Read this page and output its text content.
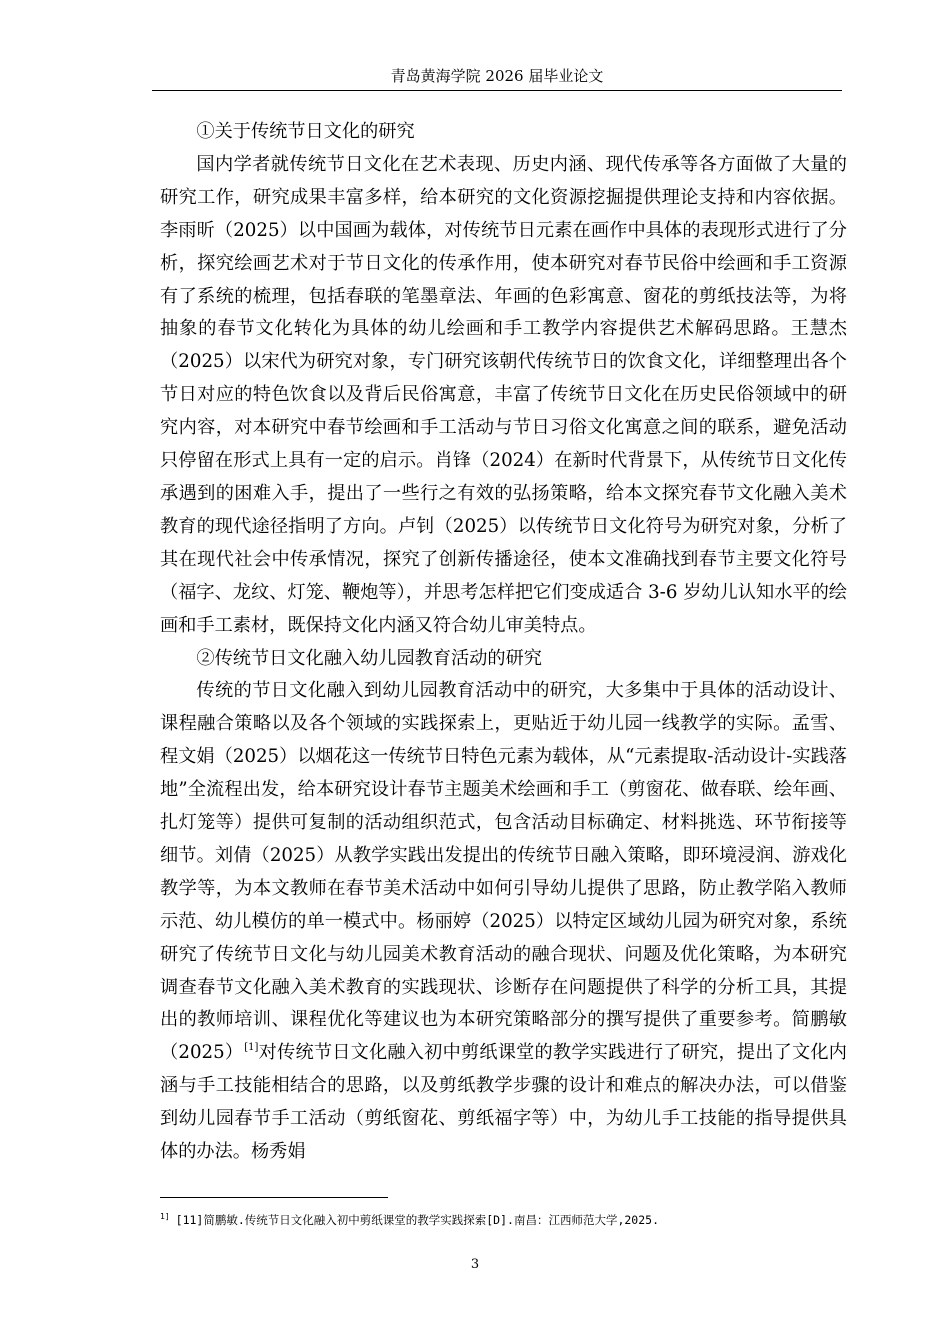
青岛黄海学院 2026 届毕业论文

①关于传统节日文化的研究

国内学者就传统节日文化在艺术表现、历史内涵、现代传承等各方面做了大量的研究工作，研究成果丰富多样，给本研究的文化资源挖掘提供理论支持和内容依据。李雨昕（2025）以中国画为载体，对传统节日元素在画作中具体的表现形式进行了分析，探究绘画艺术对于节日文化的传承作用，使本研究对春节民俗中绘画和手工资源有了系统的梳理，包括春联的笔墨章法、年画的色彩寓意、窗花的剪纸技法等，为将抽象的春节文化转化为具体的幼儿绘画和手工教学内容提供艺术解码思路。王慧杰（2025）以宋代为研究对象，专门研究该朝代传统节日的饮食文化，详细整理出各个节日对应的特色饮食以及背后民俗寓意，丰富了传统节日文化在历史民俗领域中的研究内容，对本研究中春节绘画和手工活动与节日习俗文化寓意之间的联系，避免活动只停留在形式上具有一定的启示。肖锋（2024）在新时代背景下，从传统节日文化传承遇到的困难入手，提出了一些行之有效的弘扬策略，给本文探究春节文化融入美术教育的现代途径指明了方向。卢钊（2025）以传统节日文化符号为研究对象，分析了其在现代社会中传承情况，探究了创新传播途径，使本文准确找到春节主要文化符号（福字、龙纹、灯笼、鞭炮等），并思考怎样把它们变成适合 3-6 岁幼儿认知水平的绘画和手工素材，既保持文化内涵又符合幼儿审美特点。

②传统节日文化融入幼儿园教育活动的研究

传统的节日文化融入到幼儿园教育活动中的研究，大多集中于具体的活动设计、课程融合策略以及各个领域的实践探索上，更贴近于幼儿园一线教学的实际。孟雪、程文娟（2025）以烟花这一传统节日特色元素为载体，从“元素提取-活动设计-实践落地”全流程出发，给本研究设计春节主题美术绘画和手工（剪窗花、做春联、绘年画、扎灯笼等）提供可复制的活动组织范式，包含活动目标确定、材料挑选、环节衔接等细节。刘倩（2025）从教学实践出发提出的传统节日融入策略，即环境浸润、游戏化教学等，为本文教师在春节美术活动中如何引导幼儿提供了思路，防止教学陷入教师示范、幼儿模仿的单一模式中。杨丽婷（2025）以特定区域幼儿园为研究对象，系统研究了传统节日文化与幼儿园美术教育活动的融合现状、问题及优化策略，为本研究调查春节文化融入美术教育的实践现状、诊断存在问题提供了科学的分析工具，其提出的教师培训、课程优化等建议也为本研究策略部分的撰写提供了重要参考。简鹏敏（2025）[1]对传统节日文化融入初中剪纸课堂的教学实践进行了研究，提出了文化内涵与手工技能相结合的思路，以及剪纸教学步骤的设计和难点的解决办法，可以借鉴到幼儿园春节手工活动（剪纸窗花、剪纸福字等）中，为幼儿手工技能的指导提供具体的办法。杨秀娟

$^{1]}$ [11]简鹏敏.传统节日文化融入初中剪纸课堂的教学实践探索[D].南昌：江西师范大学,2025.
3
